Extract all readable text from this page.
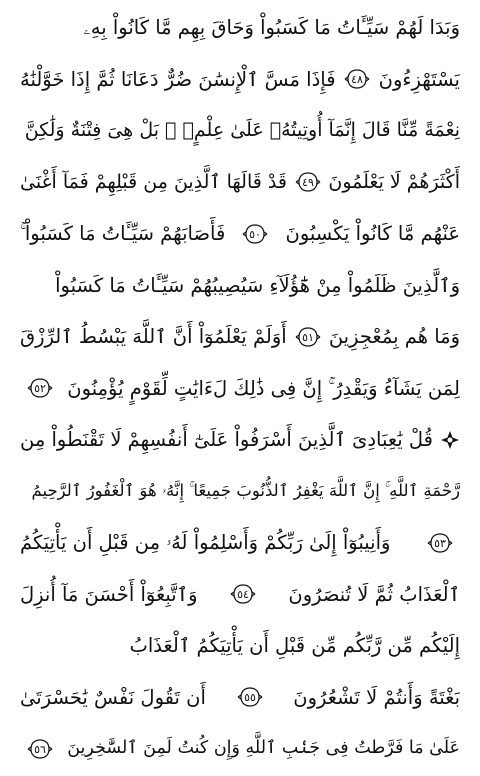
وَبَدَا لَهُمْ سَيِّـَٔاتُ مَا كَسَبُواْ وَحَاقَ بِهِم مَّا كَانُواْ بِهِۦ
يَسْتَهْزِءُونَ
٤٨
فَإِذَا مَسَّ ٱلْإِنسَٰنَ ضُرٌّ دَعَانَا ثُمَّ إِذَا خَوَّلْنَٰهُ
نِعْمَةً مِّنَّا قَالَ إِنَّمَآ أُوتِيتُهُۥ عَلَىٰ عِلْمٍۭ ۚ بَلْ هِىَ فِتْنَةٌ وَلَٰكِنَّ
أَكْثَرَهُمْ لَا يَعْلَمُونَ
٤٩
قَدْ قَالَهَا ٱلَّذِينَ مِن قَبْلِهِمْ فَمَآ أَغْنَىٰ
عَنْهُم مَّا كَانُواْ يَكْسِبُونَ
٥٠
فَأَصَابَهُمْ سَيِّـَٔاتُ مَا كَسَبُواْ ۚ
وَٱلَّذِينَ ظَلَمُواْ مِنْ هَٰٓؤُلَآءِ سَيُصِيبُهُمْ سَيِّـَٔاتُ مَا كَسَبُواْ
وَمَا هُم بِمُعْجِزِينَ
٥١
أَوَلَمْ يَعْلَمُوٓاْ أَنَّ ٱللَّهَ يَبْسُطُ ٱلرِّزْقَ
لِمَن يَشَآءُ وَيَقْدِرُ ۚ إِنَّ فِى ذَٰلِكَ لَءَايَٰتٍ لِّقَوْمٍ يُؤْمِنُونَ
٥٢
قُلْ يَٰعِبَادِىَ ٱلَّذِينَ أَسْرَفُواْ عَلَىٰٓ أَنفُسِهِمْ لَا تَقْنَطُواْ مِن
رَّحْمَةِ ٱللَّهِ ۚ إِنَّ ٱللَّهَ يَغْفِرُ ٱلذُّنُوبَ جَمِيعًا ۚ إِنَّهُۥ هُوَ ٱلْغَفُورُ ٱلرَّحِيمُ
٥٣
وَأَنِيبُوٓاْ إِلَىٰ رَبِّكُمْ وَأَسْلِمُواْ لَهُۥ مِن قَبْلِ أَن يَأْتِيَكُمُ
ٱلْعَذَابُ ثُمَّ لَا تُنصَرُونَ
٥٤
وَٱتَّبِعُوٓاْ أَحْسَنَ مَآ أُنزِلَ
إِلَيْكُم مِّن رَّبِّكُم مِّن قَبْلِ أَن يَأْتِيَكُمُ ٱلْعَذَابُ
بَغْتَةً وَأَنتُمْ لَا تَشْعُرُونَ
٥٥
أَن تَقُولَ نَفْسٌ يَٰحَسْرَتَىٰ
عَلَىٰ مَا فَرَّطتُ فِى جَنۢبِ ٱللَّهِ وَإِن كُنتُ لَمِنَ ٱلسَّٰخِرِينَ
٥٦
